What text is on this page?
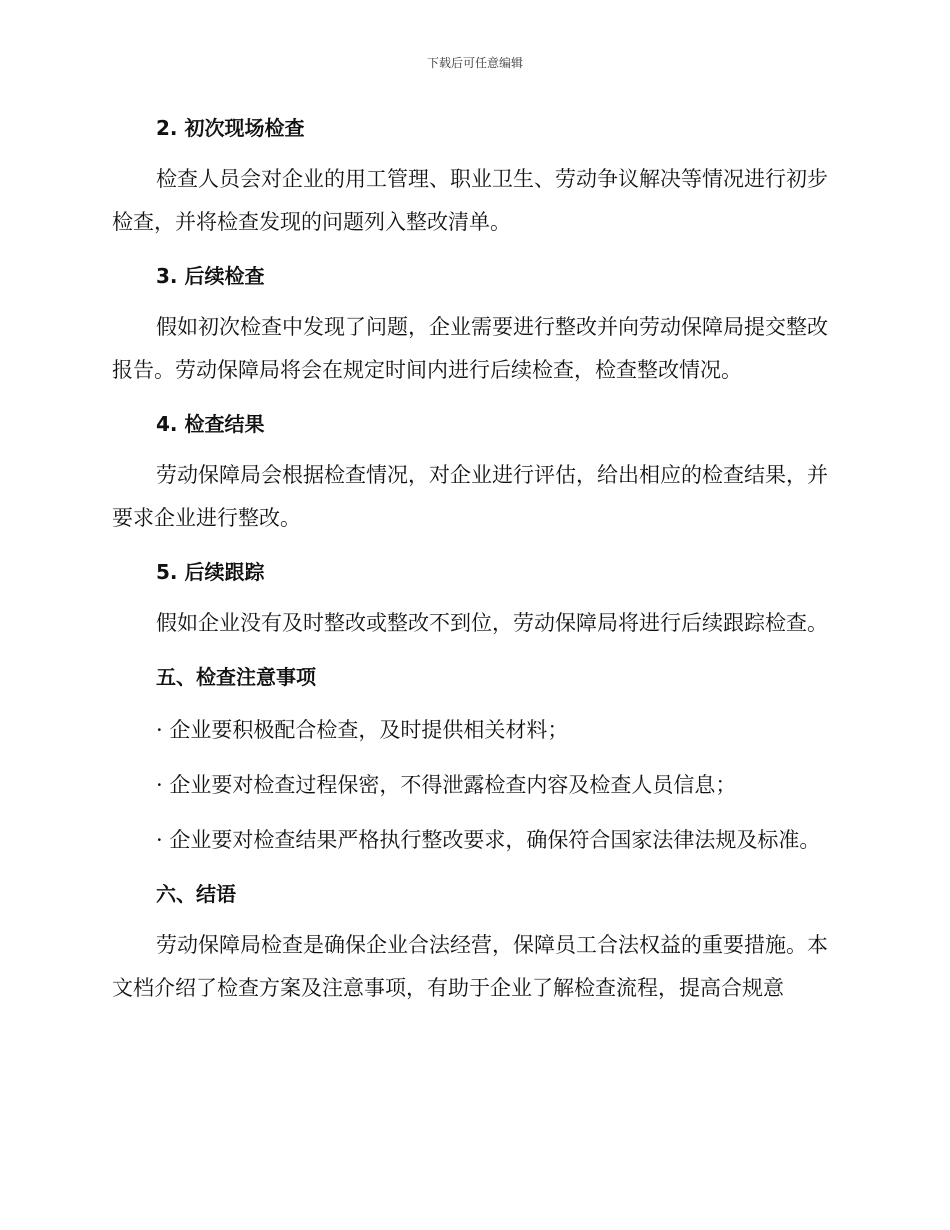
下载后可任意编辑
2. 初次现场检查

检查人员会对企业的用工管理、职业卫生、劳动争议解决等情况进行初步检查，并将检查发现的问题列入整改清单。

3. 后续检查

假如初次检查中发现了问题，企业需要进行整改并向劳动保障局提交整改报告。劳动保障局将会在规定时间内进行后续检查，检查整改情况。

4. 检查结果

劳动保障局会根据检查情况，对企业进行评估，给出相应的检查结果，并要求企业进行整改。

5. 后续跟踪

假如企业没有及时整改或整改不到位，劳动保障局将进行后续跟踪检查。

五、检查注意事项

· 企业要积极配合检查，及时提供相关材料；

· 企业要对检查过程保密，不得泄露检查内容及检查人员信息；

· 企业要对检查结果严格执行整改要求，确保符合国家法律法规及标准。

六、结语

劳动保障局检查是确保企业合法经营，保障员工合法权益的重要措施。本文档介绍了检查方案及注意事项，有助于企业了解检查流程，提高合规意
